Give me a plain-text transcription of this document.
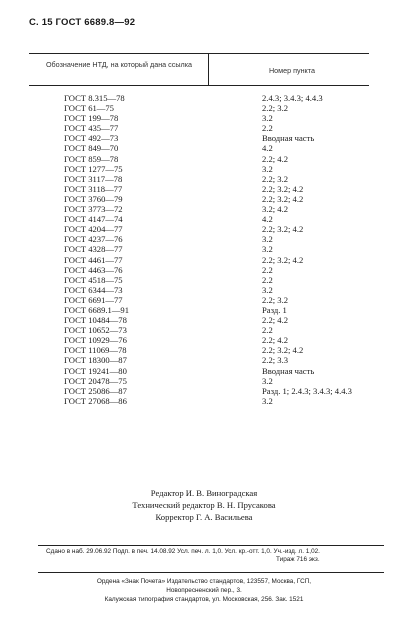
С. 15 ГОСТ 6689.8—92
Обозначение НТД, на который дана ссылка
Номер пункта
ГОСТ 8.315—78	2.4.3; 3.4.3; 4.4.3
ГОСТ 61—75	2.2; 3.2
ГОСТ 199—78	3.2
ГОСТ 435—77	2.2
ГОСТ 492—73	Вводная часть
ГОСТ 849—70	4.2
ГОСТ 859—78	2.2; 4.2
ГОСТ 1277—75	3.2
ГОСТ 3117—78	2.2; 3.2
ГОСТ 3118—77	2.2; 3.2; 4.2
ГОСТ 3760—79	2.2; 3.2; 4.2
ГОСТ 3773—72	3.2; 4.2
ГОСТ 4147—74	4.2
ГОСТ 4204—77	2.2; 3.2; 4.2
ГОСТ 4237—76	3.2
ГОСТ 4328—77	3.2
ГОСТ 4461—77	2.2; 3.2; 4.2
ГОСТ 4463—76	2.2
ГОСТ 4518—75	2.2
ГОСТ 6344—73	3.2
ГОСТ 6691—77	2.2; 3.2
ГОСТ 6689.1—91	Разд. 1
ГОСТ 10484—78	2.2; 4.2
ГОСТ 10652—73	2.2
ГОСТ 10929—76	2.2; 4.2
ГОСТ 11069—78	2.2; 3.2; 4.2
ГОСТ 18300—87	2.2; 3.3
ГОСТ 19241—80	Вводная часть
ГОСТ 20478—75	3.2
ГОСТ 25086—87	Разд. 1; 2.4.3; 3.4.3; 4.4.3
ГОСТ 27068—86	3.2
Редактор И. В. Виноградская
Технический редактор В. Н. Прусакова
Корректор Г. А. Васильева
Сдано в наб. 29.06.92 Подп. в печ. 14.08.92 Усл. печ. л. 1,0. Усл. кр.-отт. 1,0. Уч.-изд. л. 1,02.
Тираж 716 экз.
Ордена «Знак Почета» Издательство стандартов, 123557, Москва, ГСП,
Новопресненский пер., 3.
Калужская типография стандартов, ул. Московская, 256. Зак. 1521
